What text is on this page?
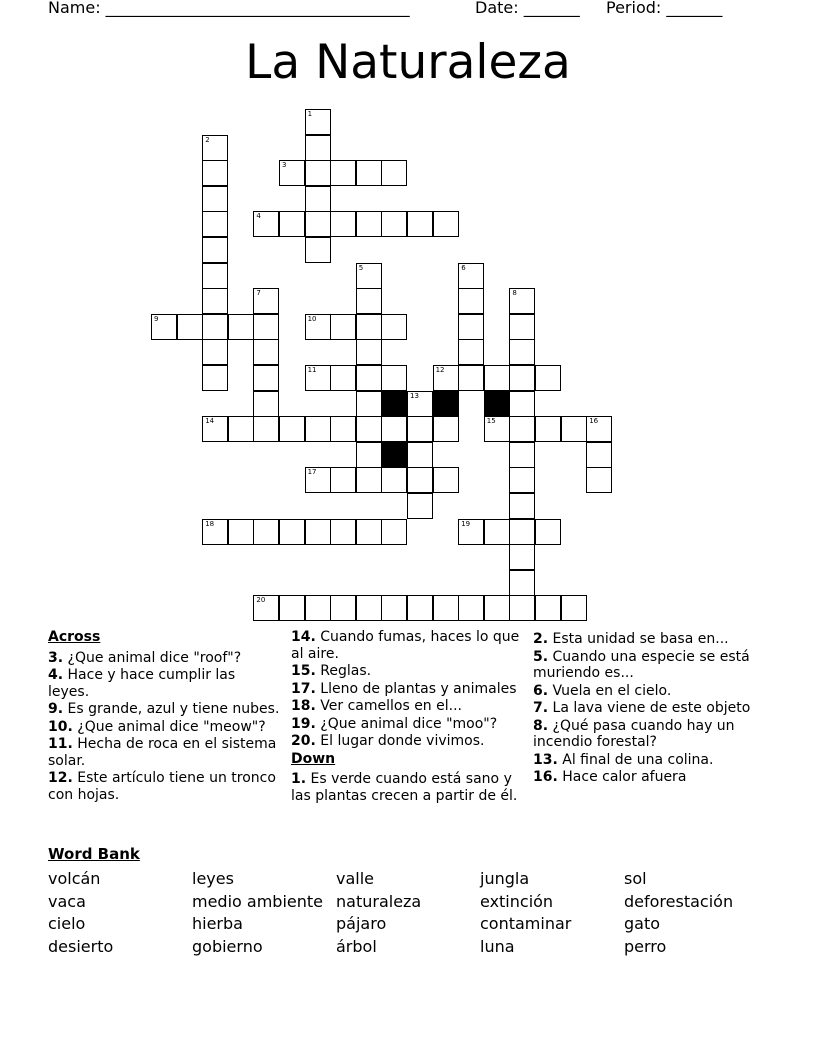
Name: ______________________________________	Date: _______ Period: _______
La Naturaleza
1
2
3
4
5	6
7	8
9	10
11	12
13
14	15	16
17
18	19
20
Across
3. ¿Que animal dice "roof"?
4. Hace y hace cumplir las leyes.
9. Es grande, azul y tiene nubes.
10. ¿Que animal dice "meow"?
11. Hecha de roca en el sistema solar.
12. Este artículo tiene un tronco con hojas.
14. Cuando fumas, haces lo que al aire.
15. Reglas.
17. Lleno de plantas y animales
18. Ver camellos en el...
19. ¿Que animal dice "moo"?
20. El lugar donde vivimos.
Down
1. Es verde cuando está sano y las plantas crecen a partir de él.
2. Esta unidad se basa en...
5. Cuando una especie se está muriendo es...
6. Vuela en el cielo.
7. La lava viene de este objeto
8. ¿Qué pasa cuando hay un incendio forestal?
13. Al final de una colina.
16. Hace calor afuera
Word Bank
volcán
vaca
cielo
desierto
leyes
medio ambiente
hierba
gobierno
valle
naturaleza
pájaro
árbol
jungla
extinción
contaminar
luna
sol
deforestación
gato
perro
